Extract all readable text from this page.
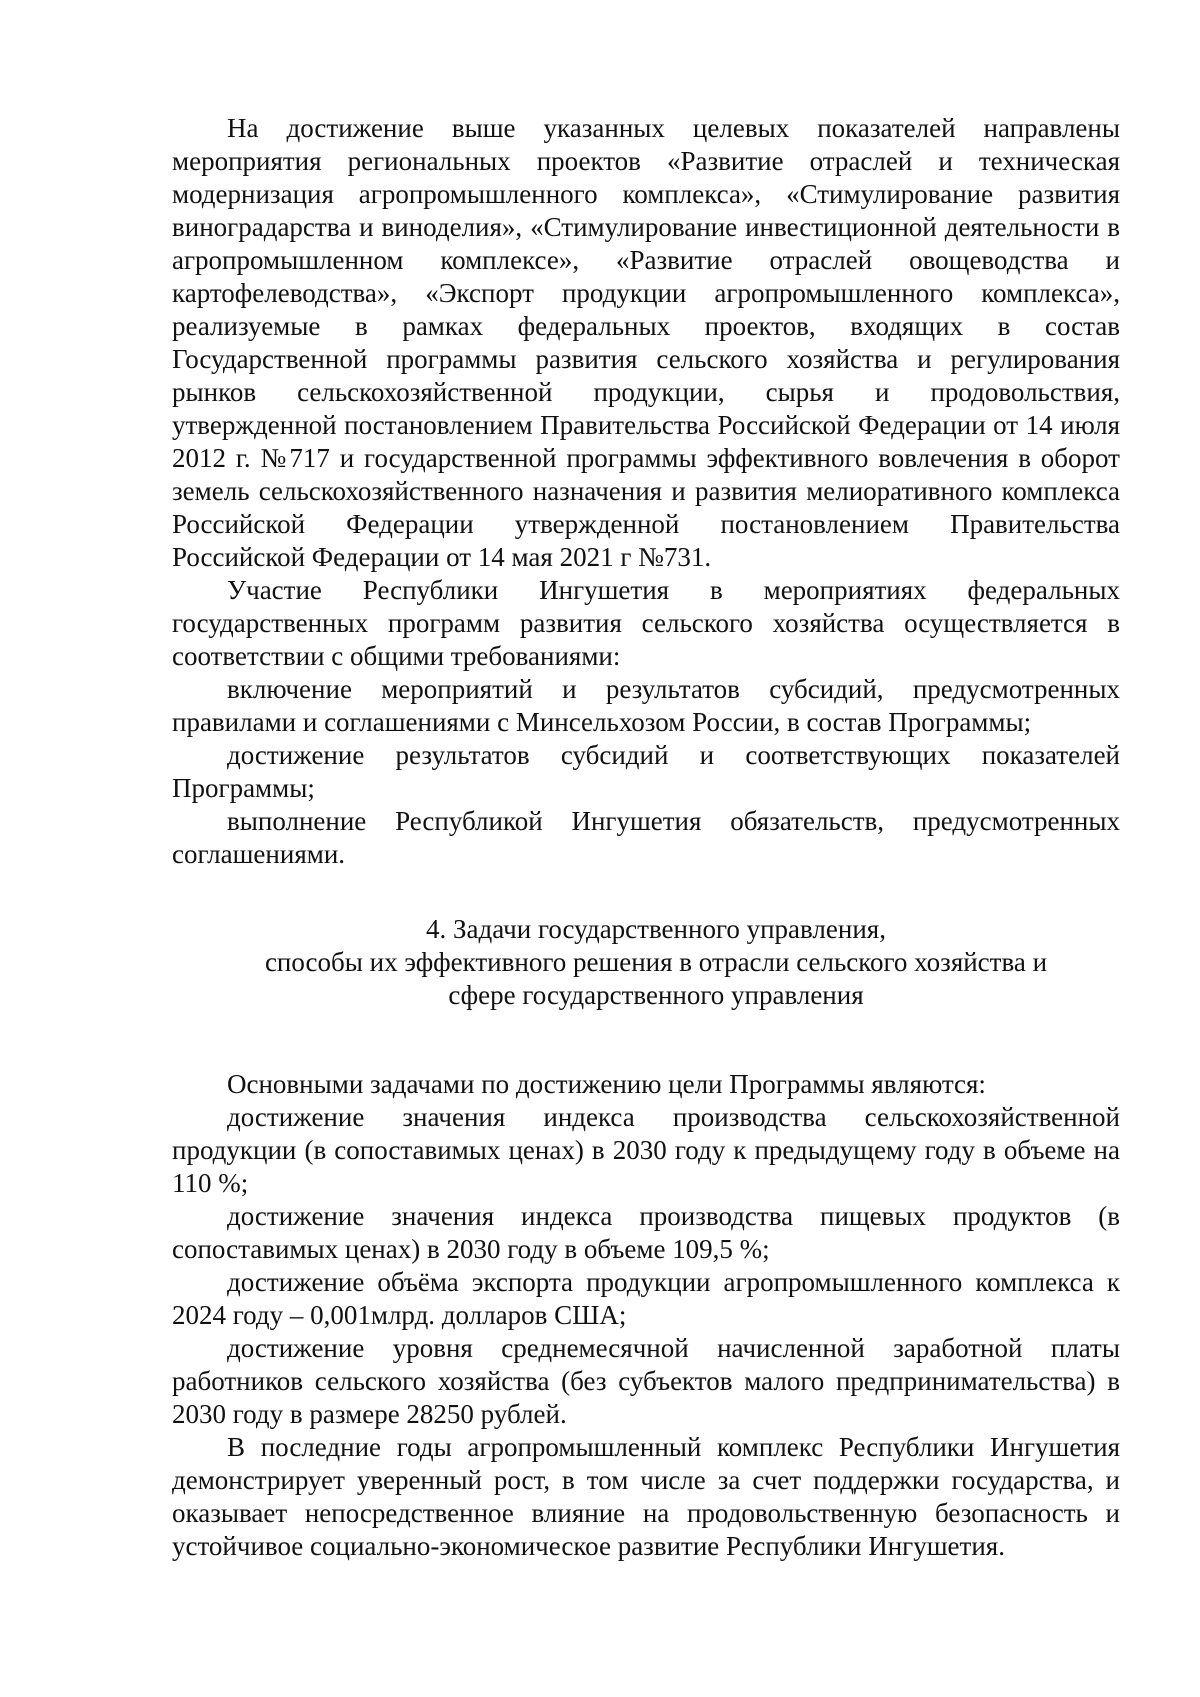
На достижение выше указанных целевых показателей направлены мероприятия региональных проектов «Развитие отраслей и техническая модернизация агропромышленного комплекса», «Стимулирование развития виноградарства и виноделия», «Стимулирование инвестиционной деятельности в агропромышленном комплексе», «Развитие отраслей овощеводства и картофелеводства», «Экспорт продукции агропромышленного комплекса», реализуемые в рамках федеральных проектов, входящих в состав Государственной программы развития сельского хозяйства и регулирования рынков сельскохозяйственной продукции, сырья и продовольствия, утвержденной постановлением Правительства Российской Федерации от 14 июля 2012 г. №717 и государственной программы эффективного вовлечения в оборот земель сельскохозяйственного назначения и развития мелиоративного комплекса Российской Федерации утвержденной постановлением Правительства Российской Федерации от 14 мая 2021 г №731.

Участие Республики Ингушетия в мероприятиях федеральных государственных программ развития сельского хозяйства осуществляется в соответствии с общими требованиями:

включение мероприятий и результатов субсидий, предусмотренных правилами и соглашениями с Минсельхозом России, в состав Программы;

достижение результатов субсидий и соответствующих показателей Программы;

выполнение Республикой Ингушетия обязательств, предусмотренных соглашениями.

4. Задачи государственного управления,
способы их эффективного решения в отрасли сельского хозяйства и
сфере государственного управления

Основными задачами по достижению цели Программы являются:

достижение значения индекса производства сельскохозяйственной продукции (в сопоставимых ценах) в 2030 году к предыдущему году в объеме на 110 %;

достижение значения индекса производства пищевых продуктов (в сопоставимых ценах) в 2030 году в объеме 109,5 %;

достижение объёма экспорта продукции агропромышленного комплекса к 2024 году – 0,001млрд. долларов США;

достижение уровня среднемесячной начисленной заработной платы работников сельского хозяйства (без субъектов малого предпринимательства) в 2030 году в размере 28250 рублей.

В последние годы агропромышленный комплекс Республики Ингушетия демонстрирует уверенный рост, в том числе за счет поддержки государства, и оказывает непосредственное влияние на продовольственную безопасность и устойчивое социально-экономическое развитие Республики Ингушетия.
